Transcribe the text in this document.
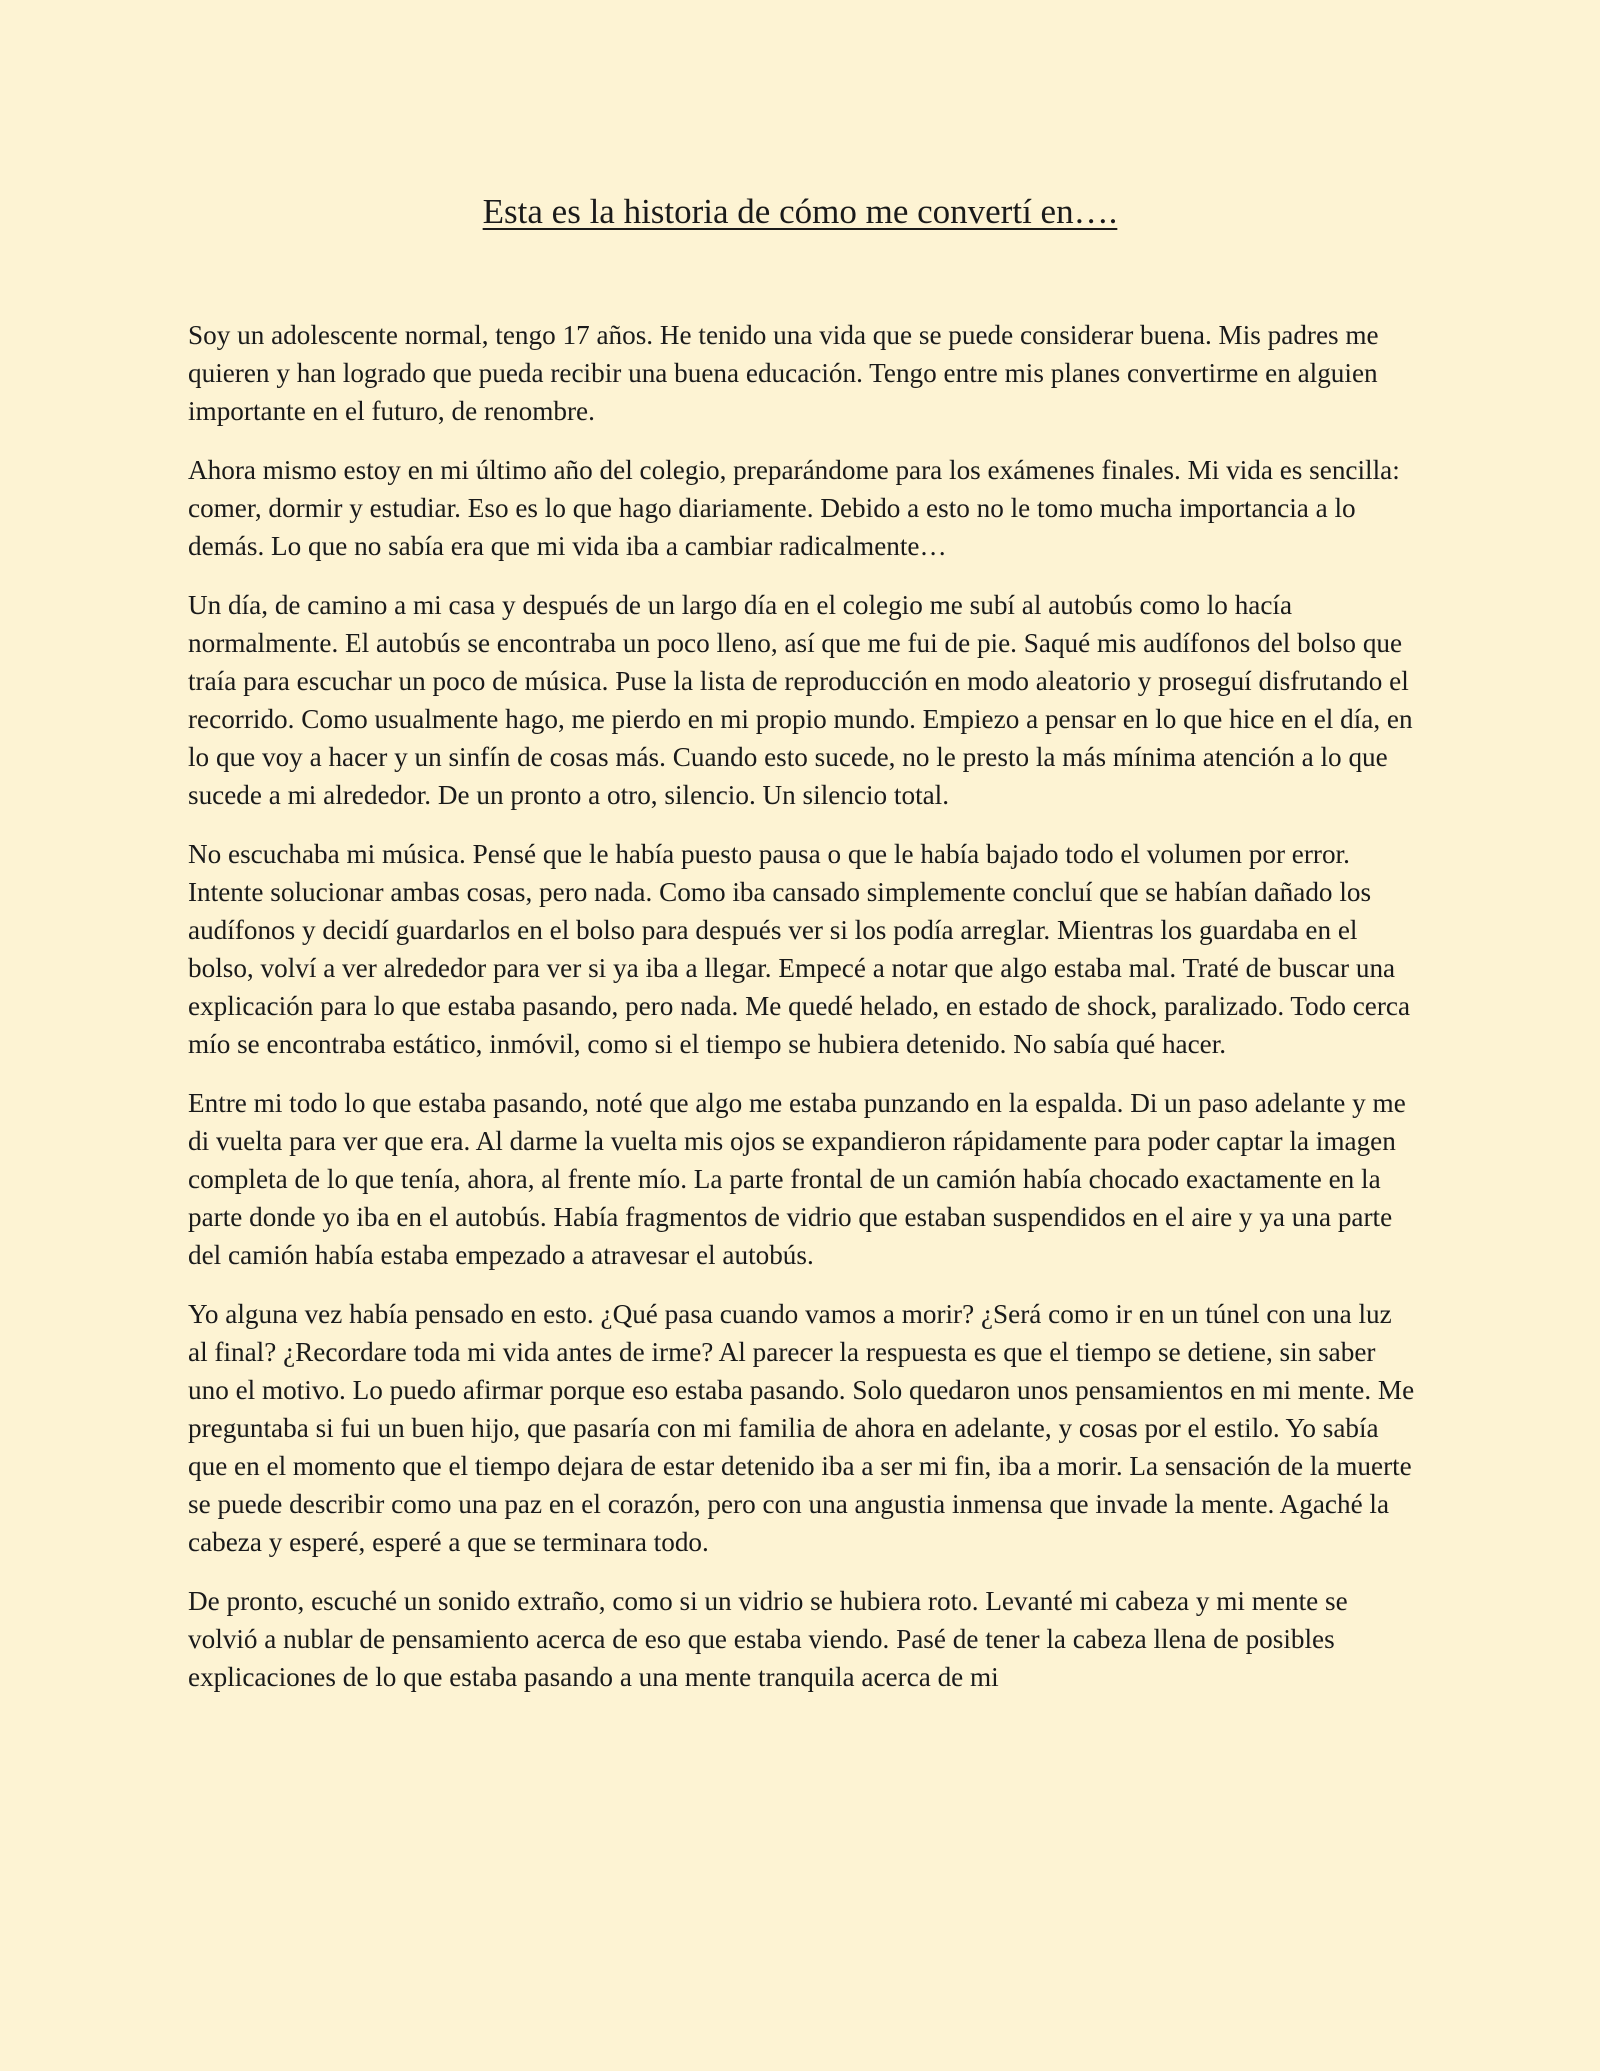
Esta es la historia de cómo me convertí en….

Soy un adolescente normal, tengo 17 años. He tenido una vida que se puede considerar buena. Mis padres me quieren y han logrado que pueda recibir una buena educación. Tengo entre mis planes convertirme en alguien importante en el futuro, de renombre.

Ahora mismo estoy en mi último año del colegio, preparándome para los exámenes finales. Mi vida es sencilla: comer, dormir y estudiar. Eso es lo que hago diariamente. Debido a esto no le tomo mucha importancia a lo demás. Lo que no sabía era que mi vida iba a cambiar radicalmente…

Un día, de camino a mi casa y después de un largo día en el colegio me subí al autobús como lo hacía normalmente. El autobús se encontraba un poco lleno, así que me fui de pie. Saqué mis audífonos del bolso que traía para escuchar un poco de música. Puse la lista de reproducción en modo aleatorio y proseguí disfrutando el recorrido. Como usualmente hago, me pierdo en mi propio mundo. Empiezo a pensar en lo que hice en el día, en lo que voy a hacer y un sinfín de cosas más. Cuando esto sucede, no le presto la más mínima atención a lo que sucede a mi alrededor. De un pronto a otro, silencio. Un silencio total.

No escuchaba mi música. Pensé que le había puesto pausa o que le había bajado todo el volumen por error. Intente solucionar ambas cosas, pero nada. Como iba cansado simplemente concluí que se habían dañado los audífonos y decidí guardarlos en el bolso para después ver si los podía arreglar. Mientras los guardaba en el bolso, volví a ver alrededor para ver si ya iba a llegar. Empecé a notar que algo estaba mal. Traté de buscar una explicación para lo que estaba pasando, pero nada. Me quedé helado, en estado de shock, paralizado. Todo cerca mío se encontraba estático, inmóvil, como si el tiempo se hubiera detenido. No sabía qué hacer.

Entre mi todo lo que estaba pasando, noté que algo me estaba punzando en la espalda. Di un paso adelante y me di vuelta para ver que era. Al darme la vuelta mis ojos se expandieron rápidamente para poder captar la imagen completa de lo que tenía, ahora, al frente mío. La parte frontal de un camión había chocado exactamente en la parte donde yo iba en el autobús. Había fragmentos de vidrio que estaban suspendidos en el aire y ya una parte del camión había estaba empezado a atravesar el autobús.

Yo alguna vez había pensado en esto. ¿Qué pasa cuando vamos a morir? ¿Será como ir en un túnel con una luz al final? ¿Recordare toda mi vida antes de irme? Al parecer la respuesta es que el tiempo se detiene, sin saber uno el motivo. Lo puedo afirmar porque eso estaba pasando. Solo quedaron unos pensamientos en mi mente. Me preguntaba si fui un buen hijo, que pasaría con mi familia de ahora en adelante, y cosas por el estilo. Yo sabía que en el momento que el tiempo dejara de estar detenido iba a ser mi fin, iba a morir. La sensación de la muerte se puede describir como una paz en el corazón, pero con una angustia inmensa que invade la mente. Agaché la cabeza y esperé, esperé a que se terminara todo.

De pronto, escuché un sonido extraño, como si un vidrio se hubiera roto. Levanté mi cabeza y mi mente se volvió a nublar de pensamiento acerca de eso que estaba viendo. Pasé de tener la cabeza llena de posibles explicaciones de lo que estaba pasando a una mente tranquila acerca de mi
